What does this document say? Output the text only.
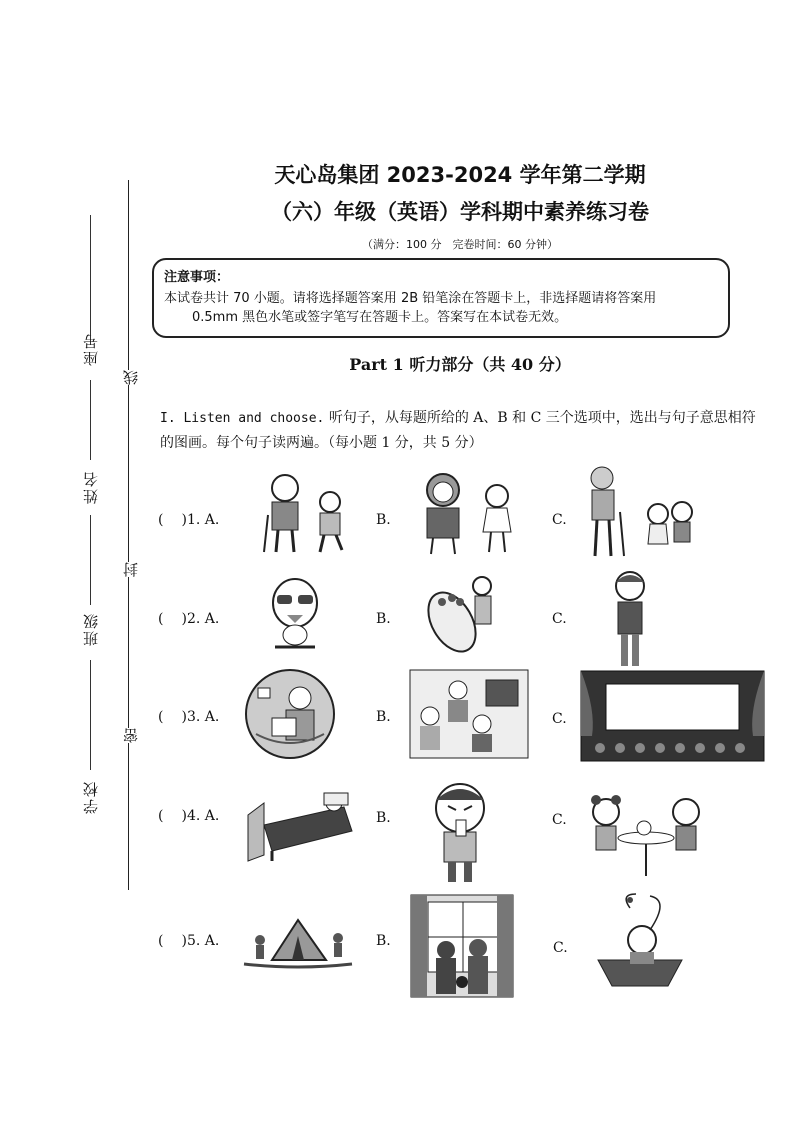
座号
姓名
班级
学校
线
封
密
天心岛集团 2023-2024 学年第二学期
（六）年级（英语）学科期中素养练习卷
（满分：100 分　完卷时间：60 分钟）
注意事项：
本试卷共计 70 小题。请将选择题答案用 2B 铅笔涂在答题卡上，非选择题请将答案用
0.5mm 黑色水笔或签字笔写在答题卡上。答案写在本试卷无效。
Part 1 听力部分（共 40 分）
I. Listen and choose. 听句子，从每题所给的 A、B 和 C 三个选项中，选出与句子意思相符
的图画。每个句子读两遍。（每小题 1 分，共 5 分）
()1. A.	B.	C.
()2. A.	B.	C.
()3. A.	B.	C.
()4. A.	B.	C.
()5. A.	B.	C.
